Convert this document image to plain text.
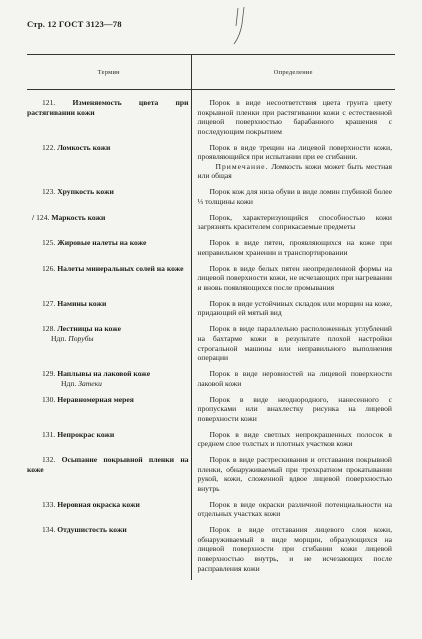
Стр. 12 ГОСТ 3123—78
Термин	Определение

121. Изменяемость цвета при растягивании кожи	Порок в виде несоответствия цвета грунта цвету покрывной пленки при растягивании кожи с естественной лицевой поверхностью барабанного крашения с последующим покрытием

122. Ломкость кожи	Порок в виде трещин на лицевой поверхности кожи, проявляющийся при испытании при ее сгибании.

Примечание. Ломкость кожи может быть местная или общая

123. Хрупкость кожи	Порок кож для низа обуви в виде ломин глубиной более ⅓ толщины кожи

/ 124. Маркость кожи	Порок, характеризующийся способностью кожи загрязнять красителем соприкасаемые предметы

125. Жировые налеты на коже	Порок в виде пятен, проявляющихся на коже при неправильном хранении и транспортировании

126. Налеты минеральных солей на коже	Порок в виде белых пятен неопределенной формы на лицевой поверхности кожи, не исчезающих при нагревании и вновь появляющихся после промывания

127. Намины кожи	Порок в виде устойчивых складок или морщин на коже, придающий ей мятый вид

128. Лестницы на коже
Ндп. Порубы	Порок в виде параллельно расположенных углублений на бахтарме кожи в результате плохой настройки строгальной машины или неправильного выполнения операции

129. Наплывы на лаковой коже
Ндп. Затеки	Порок в виде неровностей на лицевой поверхности лаковой кожи

130. Неравномерная мерея	Порок в виде неоднородного, нанесенного с пропусками или внахлестку рисунка на лицевой поверхности кожи

131. Непрокрас кожи	Порок в виде светлых непрокрашенных полосок в среднем слое толстых и плотных участков кожи

132. Осыпание покрывной пленки на коже	Порок в виде растрескивания и отставания покрывной пленки, обнаруживаемый при трехкратном прокатывании рукой, кожи, сложенной вдвое лицевой поверхностью внутрь

133. Неровная окраска кожи	Порок в виде окраски различной потенциальности на отдельных участках кожи

134. Отдушистость кожи	Порок в виде отставания лицевого слоя кожи, обнаруживаемый в виде морщин, образующихся на лицевой поверхности при сгибании кожи лицевой поверхностью внутрь, и не исчезающих после расправления кожи
